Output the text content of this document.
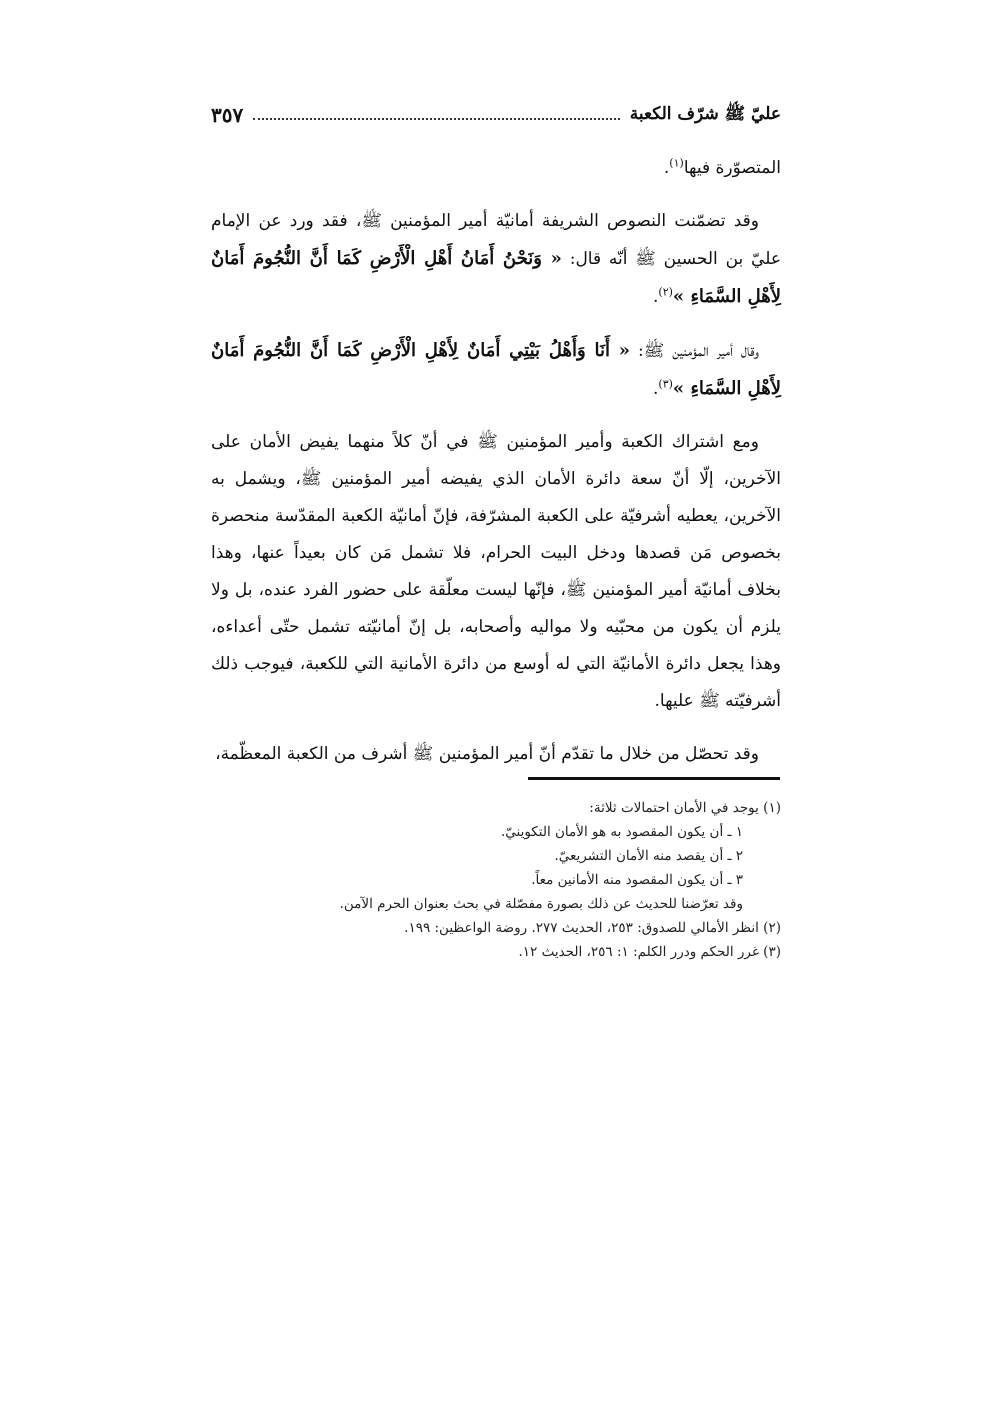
عليّ ﷺ شرّف الكعبة
٣٥٧

المتصوّرة فيها$^{(١)}$.

وقد تضمّنت النصوص الشريفة أمانيّة أمير المؤمنين ﷺ، فقد ورد عن الإمام عليّ بن الحسين ﷺ أنّه قال: « وَنَحْنُ أَمَانُ أَهْلِ الْأَرْضِ كَمَا أَنَّ النُّجُومَ أَمَانٌ لِأَهْلِ السَّمَاءِ »$^{(٢)}$.

وقال أمير المؤمنين ﷺ: « أَنَا وَأَهْلُ بَيْتِي أَمَانٌ لِأَهْلِ الْأَرْضِ كَمَا أَنَّ النُّجُومَ أَمَانٌ لِأَهْلِ السَّمَاءِ »$^{(٣)}$.

ومع اشتراك الكعبة وأمير المؤمنين ﷺ في أنّ كلاً منهما يفيض الأمان على الآخرين، إلّا أنّ سعة دائرة الأمان الذي يفيضه أمير المؤمنين ﷺ، ويشمل به الآخرين، يعطيه أشرفيّة على الكعبة المشرّفة، فإنّ أمانيّة الكعبة المقدّسة منحصرة بخصوص مَن قصدها ودخل البيت الحرام، فلا تشمل مَن كان بعيداً عنها، وهذا بخلاف أمانيّة أمير المؤمنين ﷺ، فإنّها ليست معلّقة على حضور الفرد عنده، بل ولا يلزم أن يكون من محبّيه ولا مواليه وأصحابه، بل إنّ أمانيّته تشمل حتّى أعداءه، وهذا يجعل دائرة الأمانيّة التي له أوسع من دائرة الأمانية التي للكعبة، فيوجب ذلك أشرفيّته ﷺ عليها.

وقد تحصّل من خلال ما تقدّم أنّ أمير المؤمنين ﷺ أشرف من الكعبة المعظّمة،

(١) يوجد في الأمان احتمالات ثلاثة:

١ ـ أن يكون المقصود به هو الأمان التكوينيّ.

٢ ـ أن يقصد منه الأمان التشريعيّ.

٣ ـ أن يكون المقصود منه الأمانين معاً.

وقد تعرّضنا للحديث عن ذلك بصورة مفصّلة في بحث بعنوان الحرم الآمن.

(٢) انظر الأمالي للصدوق: ٢٥٣، الحديث ٢٧٧. روضة الواعظين: ١٩٩.

(٣) غرر الحكم ودرر الكلم: ١: ٢٥٦، الحديث ١٢.
